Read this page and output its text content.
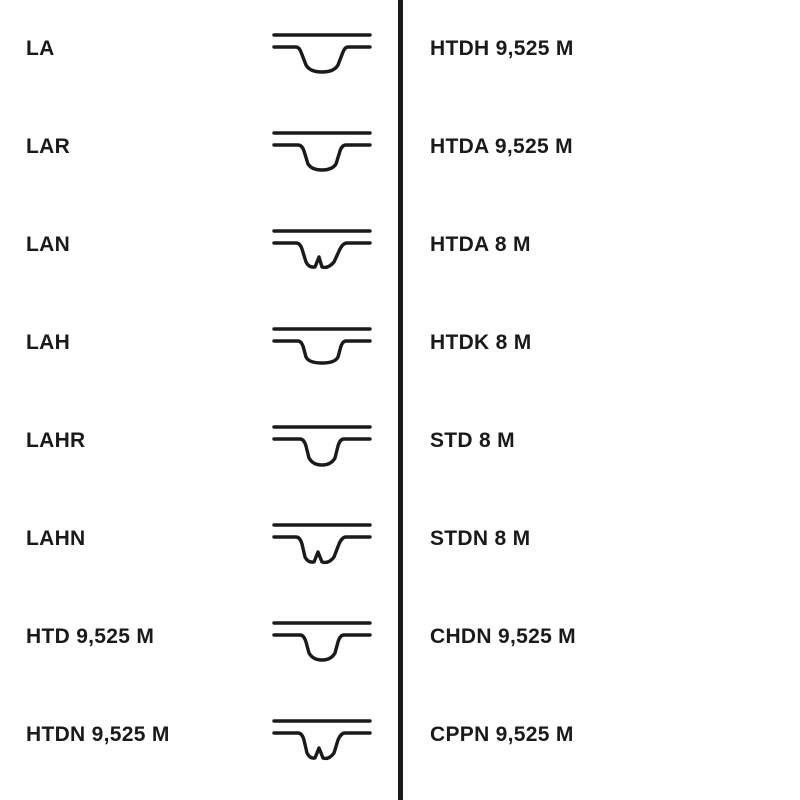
LA
LAR
LAN
LAH
LAHR
LAHN
HTD 9,525 M
HTDN 9,525 M
HTDH 9,525 M
HTDA 9,525 M
HTDA 8 M
HTDK 8 M
STD 8 M
STDN 8 M
CHDN 9,525 M
CPPN 9,525 M
